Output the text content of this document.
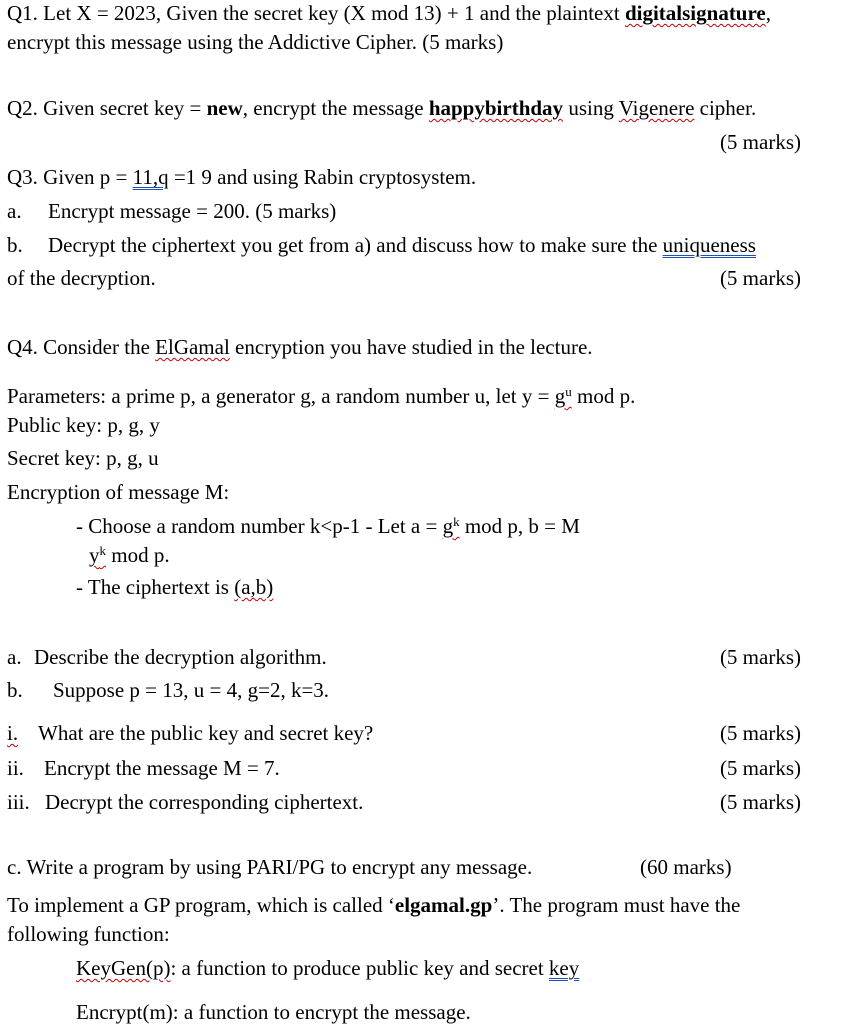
Q1. Let X = 2023, Given the secret key (X mod 13) + 1 and the plaintext digitalsignature,
encrypt this message using the Addictive Cipher. (5 marks)
Q2. Given secret key = new, encrypt the message happybirthday using Vigenere cipher.
(5 marks)
Q3. Given p = 11,q =1 9 and using Rabin cryptosystem.
a. Encrypt message = 200. (5 marks)
b. Decrypt the ciphertext you get from a) and discuss how to make sure the uniqueness
of the decryption.	(5 marks)
Q4. Consider the ElGamal encryption you have studied in the lecture.
Parameters: a prime p, a generator g, a random number u, let $y = g^u$ mod p.
Public key: p, g, y
Secret key: p, g, u
Encryption of message M:
- Choose a random number k<p-1 - Let $a = g^k$ mod p, b = M
$y^k$ mod p.
- The ciphertext is (a,b)
a. Describe the decryption algorithm.	(5 marks)
b. Suppose p = 13, u = 4, g=2, k=3.
i. What are the public key and secret key?	(5 marks)
ii. Encrypt the message M = 7.	(5 marks)
iii. Decrypt the corresponding ciphertext.	(5 marks)
c. Write a program by using PARI/PG to encrypt any message.	(60 marks)
To implement a GP program, which is called ‘elgamal.gp’. The program must have the
following function:
KeyGen(p): a function to produce public key and secret key
Encrypt(m): a function to encrypt the message.
